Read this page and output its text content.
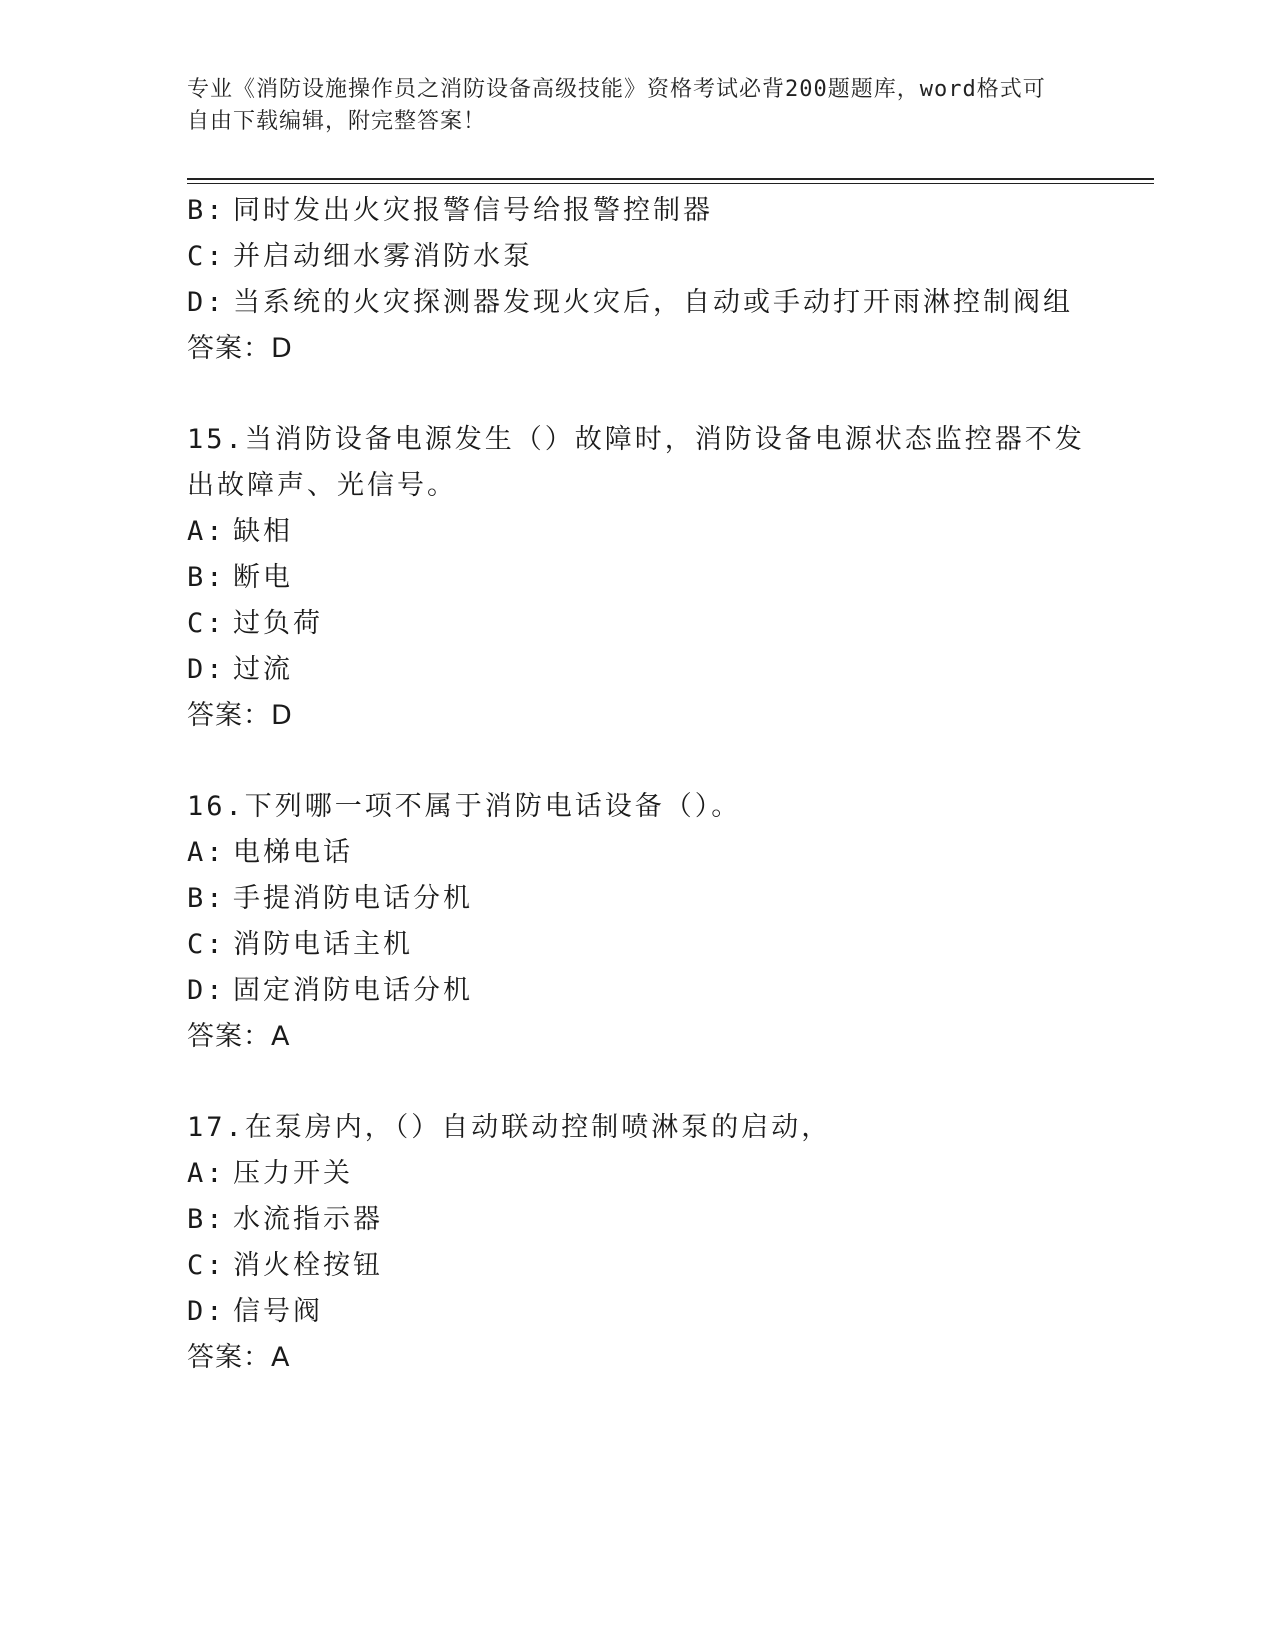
专业《消防设施操作员之消防设备高级技能》资格考试必背200题题库，word格式可自由下载编辑，附完整答案！
B: 同时发出火灾报警信号给报警控制器
C: 并启动细水雾消防水泵
D: 当系统的火灾探测器发现火灾后，自动或手动打开雨淋控制阀组
答案：D
15.当消防设备电源发生（）故障时，消防设备电源状态监控器不发出故障声、光信号。
A: 缺相
B: 断电
C: 过负荷
D: 过流
答案：D
16.下列哪一项不属于消防电话设备（）。
A: 电梯电话
B: 手提消防电话分机
C: 消防电话主机
D: 固定消防电话分机
答案：A
17.在泵房内，（）自动联动控制喷淋泵的启动，
A: 压力开关
B: 水流指示器
C: 消火栓按钮
D: 信号阀
答案：A
